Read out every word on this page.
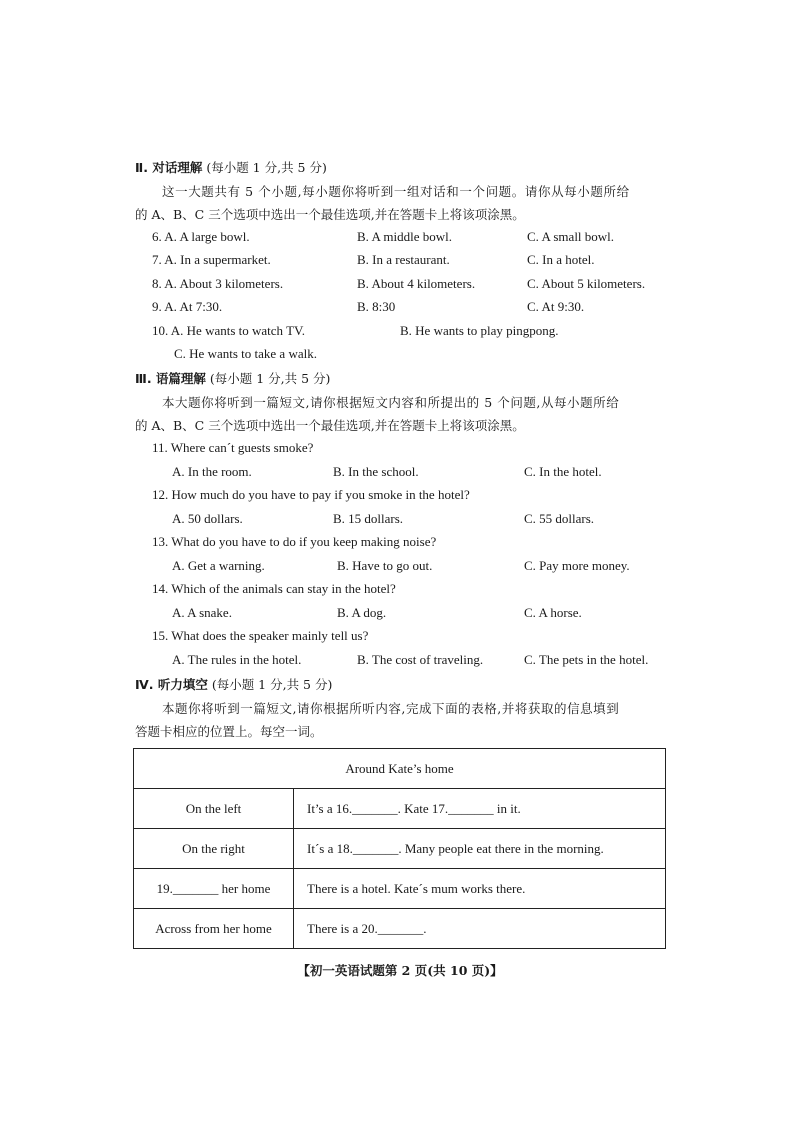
Ⅱ. 对话理解 (每小题 1 分,共 5 分)
这一大题共有 5 个小题,每小题你将听到一组对话和一个问题。请你从每小题所给
的 A、B、C 三个选项中选出一个最佳选项,并在答题卡上将该项涂黑。
6. A. A large bowl.	B. A middle bowl.	C. A small bowl.
7. A. In a supermarket.	B. In a restaurant.	C. In a hotel.
8. A. About 3 kilometers.	B. About 4 kilometers.	C. About 5 kilometers.
9. A. At 7:30.	B. 8:30	C. At 9:30.
10. A. He wants to watch TV.	B. He wants to play pingpong.
C. He wants to take a walk.
Ⅲ. 语篇理解 (每小题 1 分,共 5 分)
本大题你将听到一篇短文,请你根据短文内容和所提出的 5 个问题,从每小题所给
的 A、B、C 三个选项中选出一个最佳选项,并在答题卡上将该项涂黑。
11. Where can´t guests smoke?
A. In the room.	B. In the school.	C. In the hotel.
12. How much do you have to pay if you smoke in the hotel?
A. 50 dollars.	B. 15 dollars.	C. 55 dollars.
13. What do you have to do if you keep making noise?
A. Get a warning.	B. Have to go out.	C. Pay more money.
14. Which of the animals can stay in the hotel?
A. A snake.	B. A dog.	C. A horse.
15. What does the speaker mainly tell us?
A. The rules in the hotel.	B. The cost of traveling.	C. The pets in the hotel.
Ⅳ. 听力填空 (每小题 1 分,共 5 分)
本题你将听到一篇短文,请你根据所听内容,完成下面的表格,并将获取的信息填到
答题卡相应的位置上。每空一词。
Around Kate’s home	
On the left	It’s a 16._______. Kate 17._______ in it.
On the right	It´s a 18._______. Many people eat there in the morning.
19._______ her home	There is a hotel. Kate´s mum works there.
Across from her home	There is a 20._______.
【初一英语试题第 2 页(共 10 页)】
